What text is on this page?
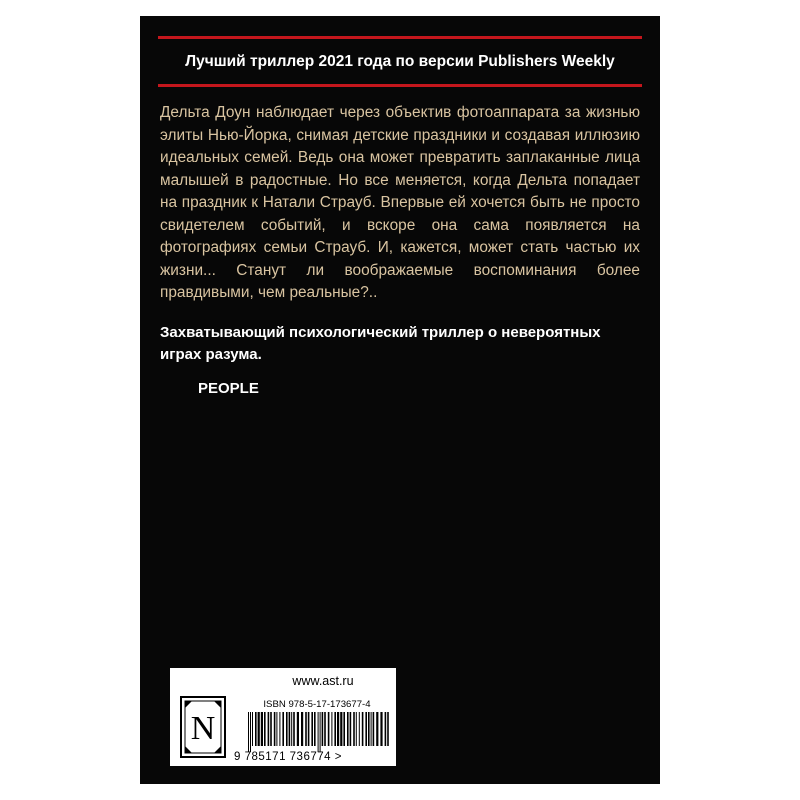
Лучший триллер 2021 года по версии Publishers Weekly

Дельта Доун наблюдает через объектив фотоаппарата за жизнью элиты Нью-Йорка, снимая детские праздники и создавая иллюзию идеальных семей. Ведь она может превратить заплаканные лица малышей в радостные. Но все меняется, когда Дельта попадает на праздник к Натали Страуб. Впервые ей хочется быть не просто свидетелем событий, и вскоре она сама появляется на фотографиях семьи Страуб. И, кажется, может стать частью их жизни... Станут ли воображаемые воспоминания более правдивыми, чем реальные?..

Захватывающий психологический триллер о невероятных играх разума.

PEOPLE
N
www.ast.ru
ISBN 978-5-17-173677-4
9 785171 736774 >
